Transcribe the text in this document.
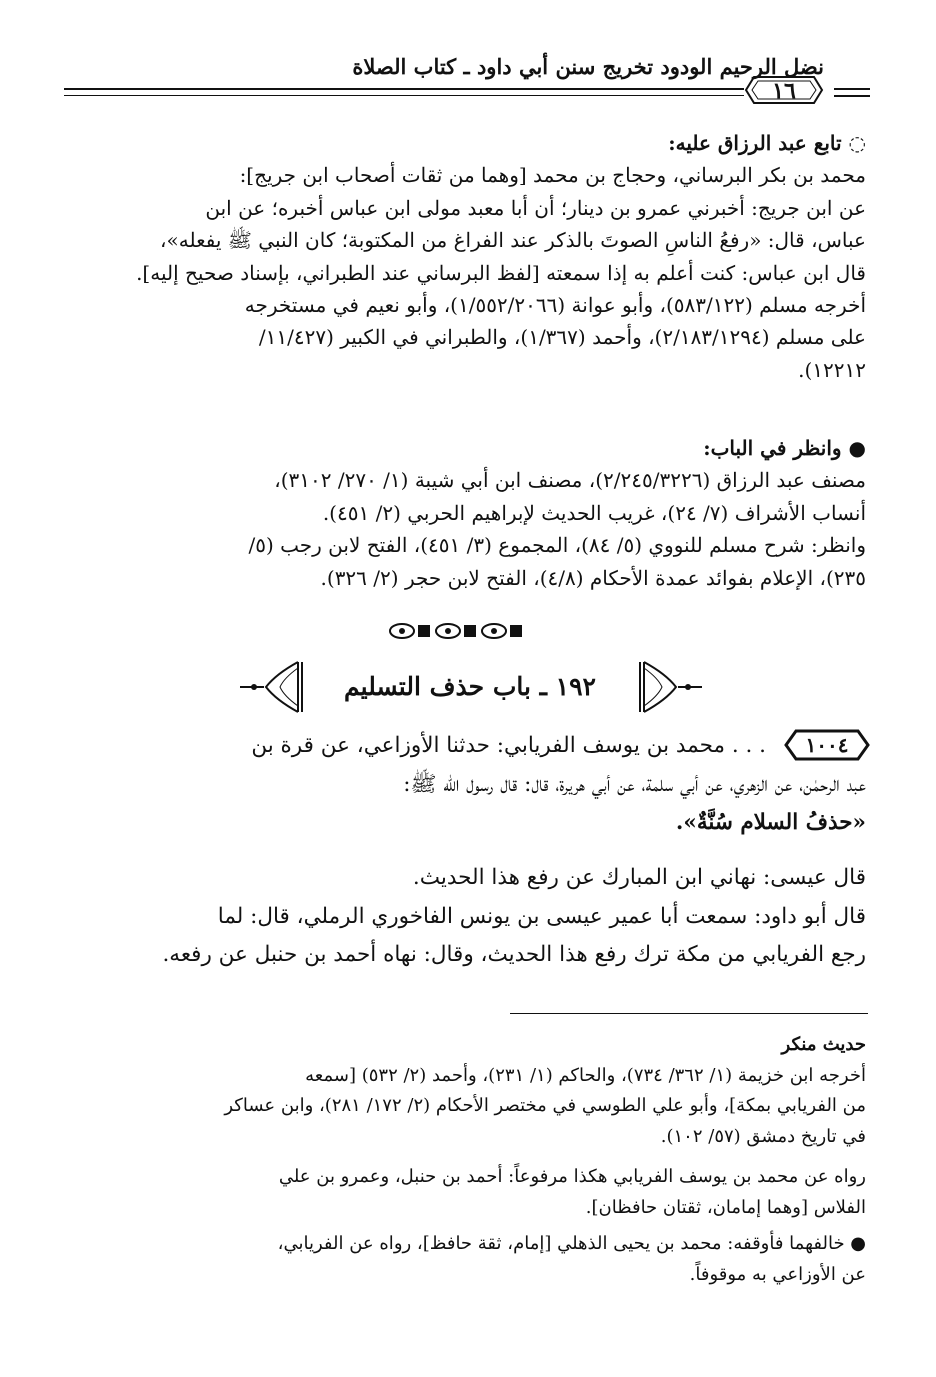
نضل الرحيم الودود تخريج سنن أبي داود ـ كتاب الصلاة
١٦
◌ تابع عبد الرزاق عليه:
محمد بن بكر البرساني، وحجاج بن محمد [وهما من ثقات أصحاب ابن جريج]:
عن ابن جريج: أخبرني عمرو بن دينار؛ أن أبا معبد مولى ابن عباس أخبره؛ عن ابن
عباس، قال: «رفعُ الناسِ الصوتَ بالذكر عند الفراغ من المكتوبة؛ كان النبي ﷺ يفعله»،
قال ابن عباس: كنت أعلم به إذا سمعته [لفظ البرساني عند الطبراني، بإسناد صحيح إليه].
أخرجه مسلم (٥٨٣/١٢٢)، وأبو عوانة (١/٥٥٢/٢٠٦٦)، وأبو نعيم في مستخرجه
على مسلم (٢/١٨٣/١٢٩٤)، وأحمد (١/٣٦٧)، والطبراني في الكبير (١١/٤٢٧/
١٢٢١٢).
● وانظر في الباب:
مصنف عبد الرزاق (٢/٢٤٥/٣٢٢٦)، مصنف ابن أبي شيبة (١/ ٢٧٠/ ٣١٠٢)،
أنساب الأشراف (٧/ ٢٤)، غريب الحديث لإبراهيم الحربي (٢/ ٤٥١).
وانظر: شرح مسلم للنووي (٥/ ٨٤)، المجموع (٣/ ٤٥١)، الفتح لابن رجب (٥/
٢٣٥)، الإعلام بفوائد عمدة الأحكام (٤/٨)، الفتح لابن حجر (٢/ ٣٢٦).
١٩٢ ـ باب حذف التسليم
١٠٠٤
. . . محمد بن يوسف الفريابي: حدثنا الأوزاعي، عن قرة بن
عبد الرحمٰن، عن الزهري، عن أبي سلمة، عن أبي هريرة، قال: قال رسول الله ﷺ:
«حذفُ السلام سُنَّةٌ».
قال عيسى: نهاني ابن المبارك عن رفع هذا الحديث.
قال أبو داود: سمعت أبا عمير عيسى بن يونس الفاخوري الرملي، قال: لما
رجع الفريابي من مكة ترك رفع هذا الحديث، وقال: نهاه أحمد بن حنبل عن رفعه.
حديث منكر
أخرجه ابن خزيمة (١/ ٣٦٢/ ٧٣٤)، والحاكم (١/ ٢٣١)، وأحمد (٢/ ٥٣٢) [سمعه
من الفريابي بمكة]، وأبو علي الطوسي في مختصر الأحكام (٢/ ١٧٢/ ٢٨١)، وابن عساكر
في تاريخ دمشق (٥٧/ ١٠٢).
رواه عن محمد بن يوسف الفريابي هكذا مرفوعاً: أحمد بن حنبل، وعمرو بن علي
الفلاس [وهما إمامان، ثقتان حافظان].
● خالفهما فأوقفه: محمد بن يحيى الذهلي [إمام، ثقة حافظ]، رواه عن الفريابي،
عن الأوزاعي به موقوفاً.
